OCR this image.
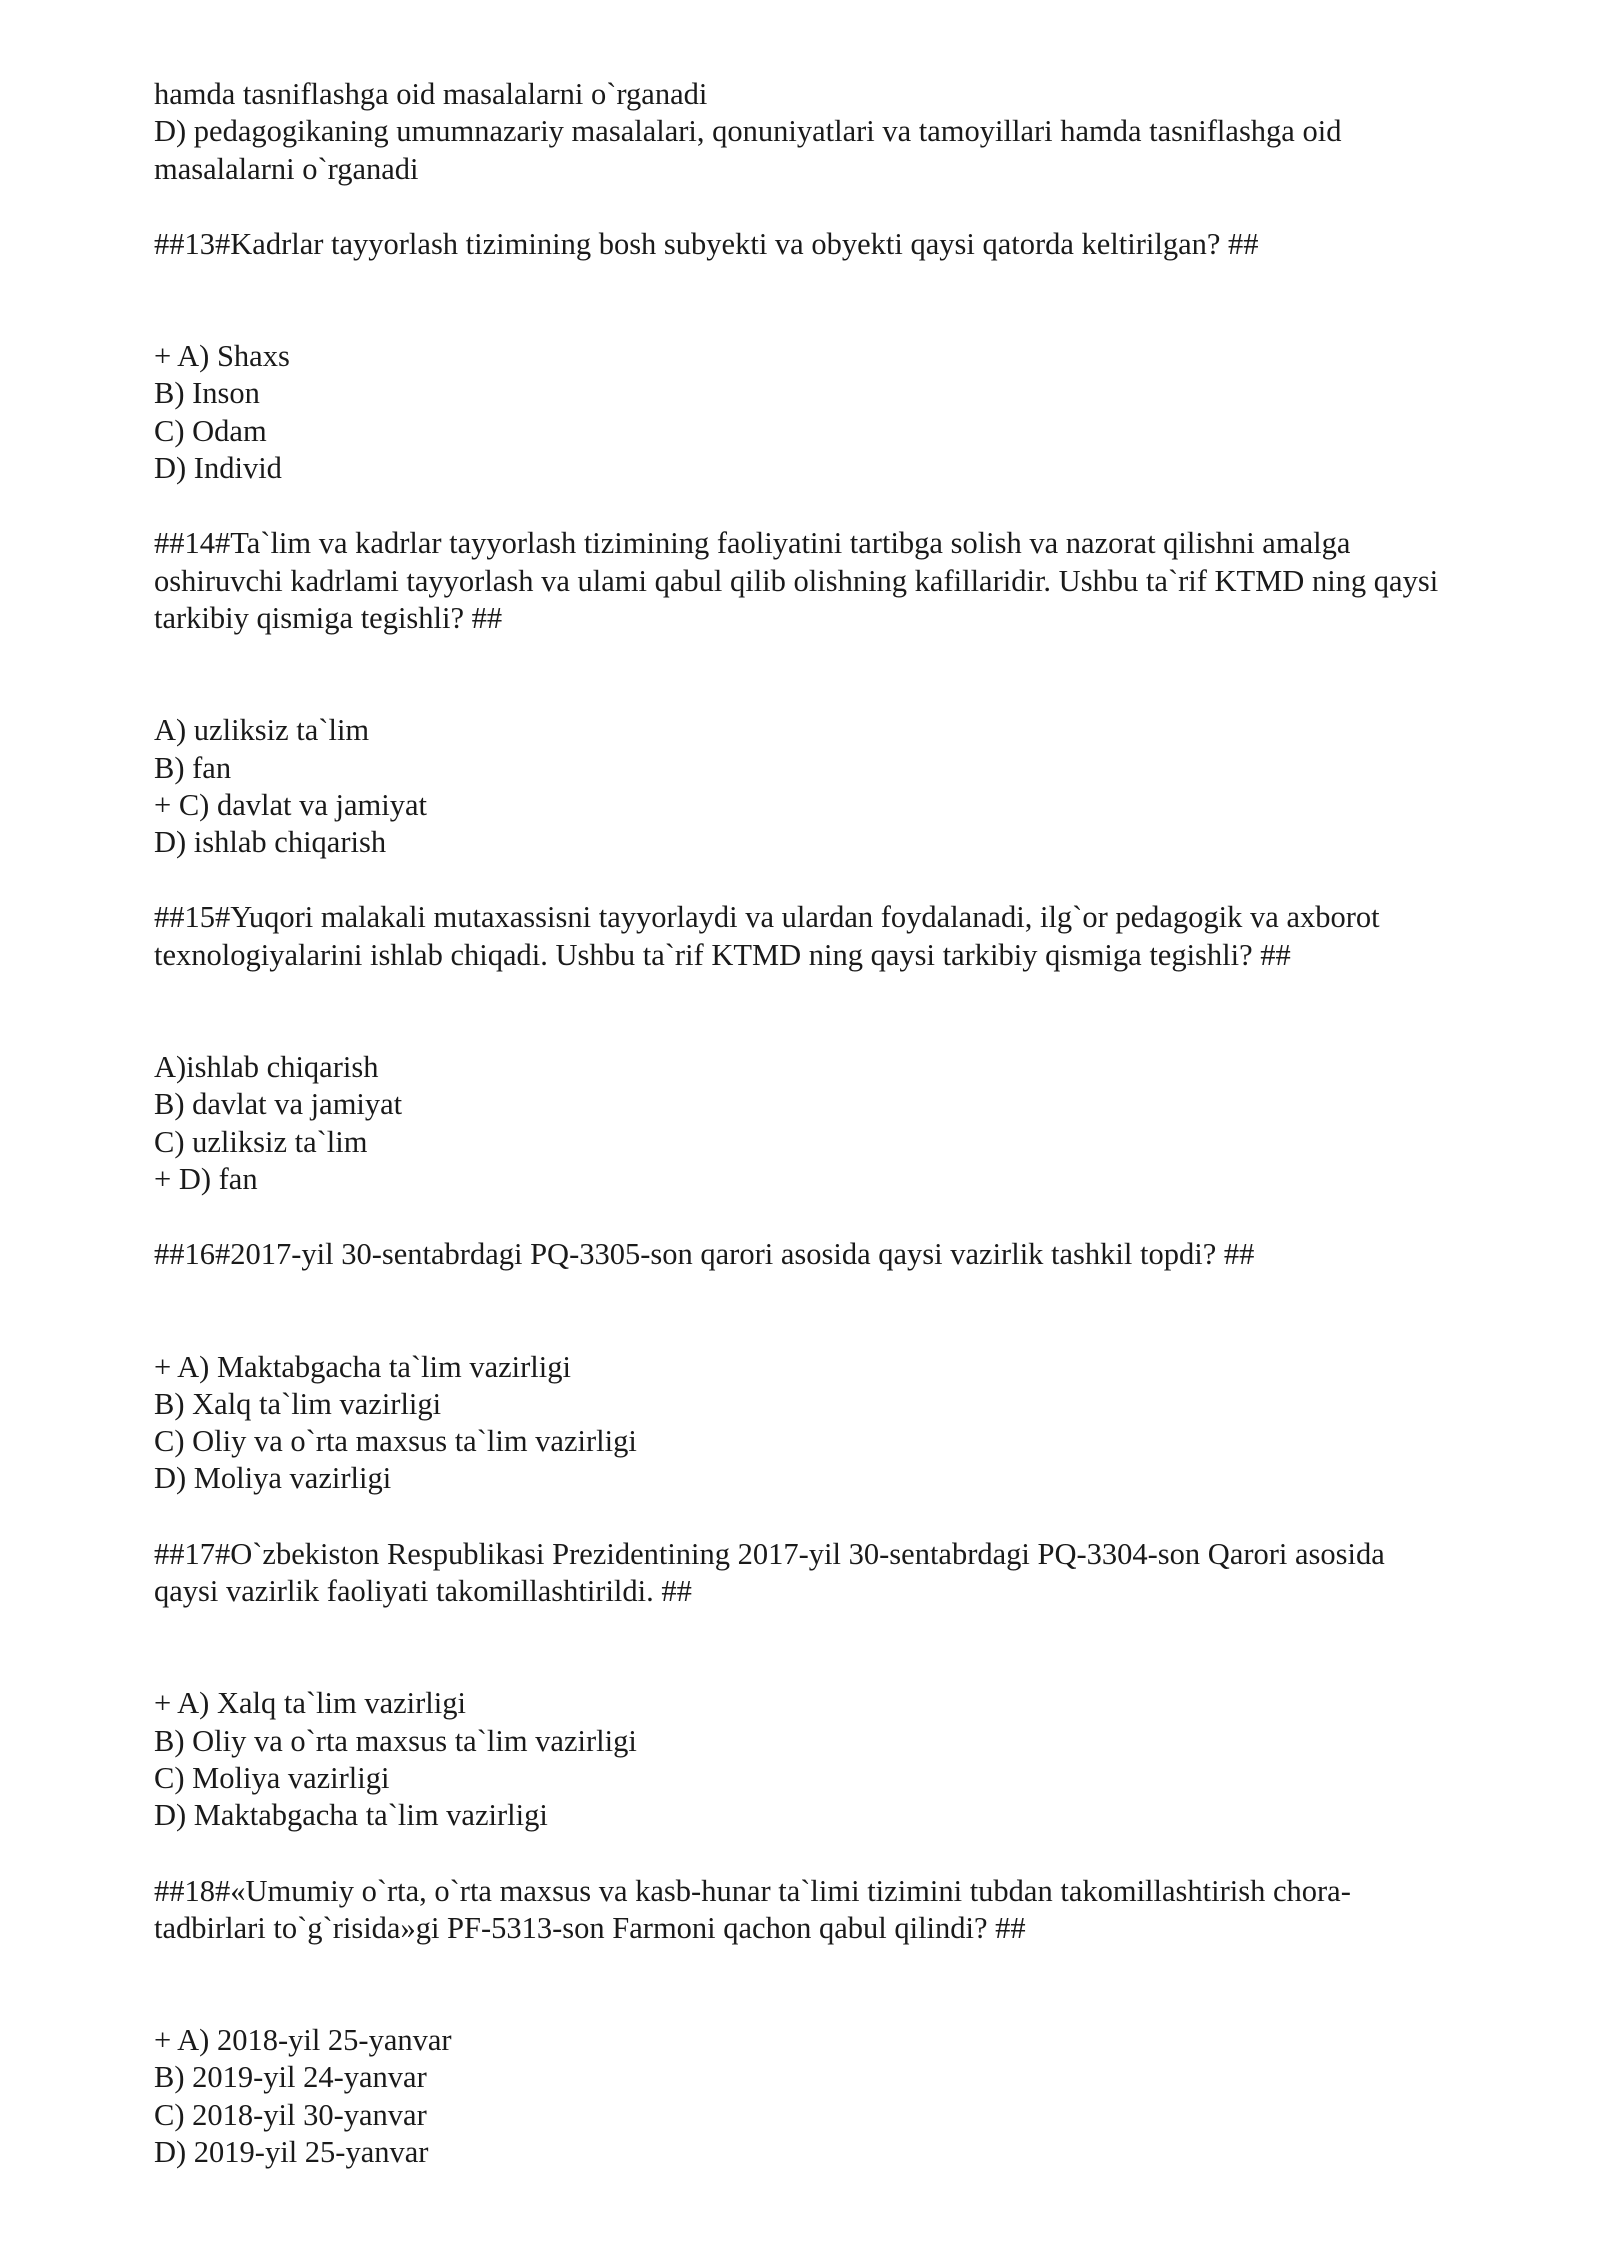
hamda tasniflashga oid masalalarni o`rganadi
D) pedagogikaning umumnazariy masalalari, qonuniyatlari va tamoyillari hamda tasniflashga oid
masalalarni o`rganadi
##13#Kadrlar tayyorlash tizimining bosh subyekti va obyekti qaysi qatorda keltirilgan? ##
+ A) Shaxs
B) Inson
C) Odam
D) Individ
##14#Ta`lim va kadrlar tayyorlash tizimining faoliyatini tartibga solish va nazorat qilishni amalga
oshiruvchi kadrlami tayyorlash va ulami qabul qilib olishning kafillaridir. Ushbu ta`rif KTMD ning qaysi
tarkibiy qismiga tegishli? ##
A) uzliksiz ta`lim
B) fan
+ C) davlat va jamiyat
D) ishlab chiqarish
##15#Yuqori malakali mutaxassisni tayyorlaydi va ulardan foydalanadi, ilg`or pedagogik va axborot
texnologiyalarini ishlab chiqadi. Ushbu ta`rif KTMD ning qaysi tarkibiy qismiga tegishli? ##
A)ishlab chiqarish
B) davlat va jamiyat
C) uzliksiz ta`lim
+ D) fan
##16#2017-yil 30-sentabrdagi PQ-3305-son qarori asosida qaysi vazirlik tashkil topdi? ##
+ A) Maktabgacha ta`lim vazirligi
B) Xalq ta`lim vazirligi
C) Oliy va o`rta maxsus ta`lim vazirligi
D) Moliya vazirligi
##17#O`zbekiston Respublikasi Prezidentining 2017-yil 30-sentabrdagi PQ-3304-son Qarori asosida
qaysi vazirlik faoliyati takomillashtirildi. ##
+ A) Xalq ta`lim vazirligi
B) Oliy va o`rta maxsus ta`lim vazirligi
C) Moliya vazirligi
D) Maktabgacha ta`lim vazirligi
##18#«Umumiy o`rta, o`rta maxsus va kasb-hunar ta`limi tizimini tubdan takomillashtirish chora-
tadbirlari to`g`risida»gi PF-5313-son Farmoni qachon qabul qilindi? ##
+ A) 2018-yil 25-yanvar
B) 2019-yil 24-yanvar
C) 2018-yil 30-yanvar
D) 2019-yil 25-yanvar
